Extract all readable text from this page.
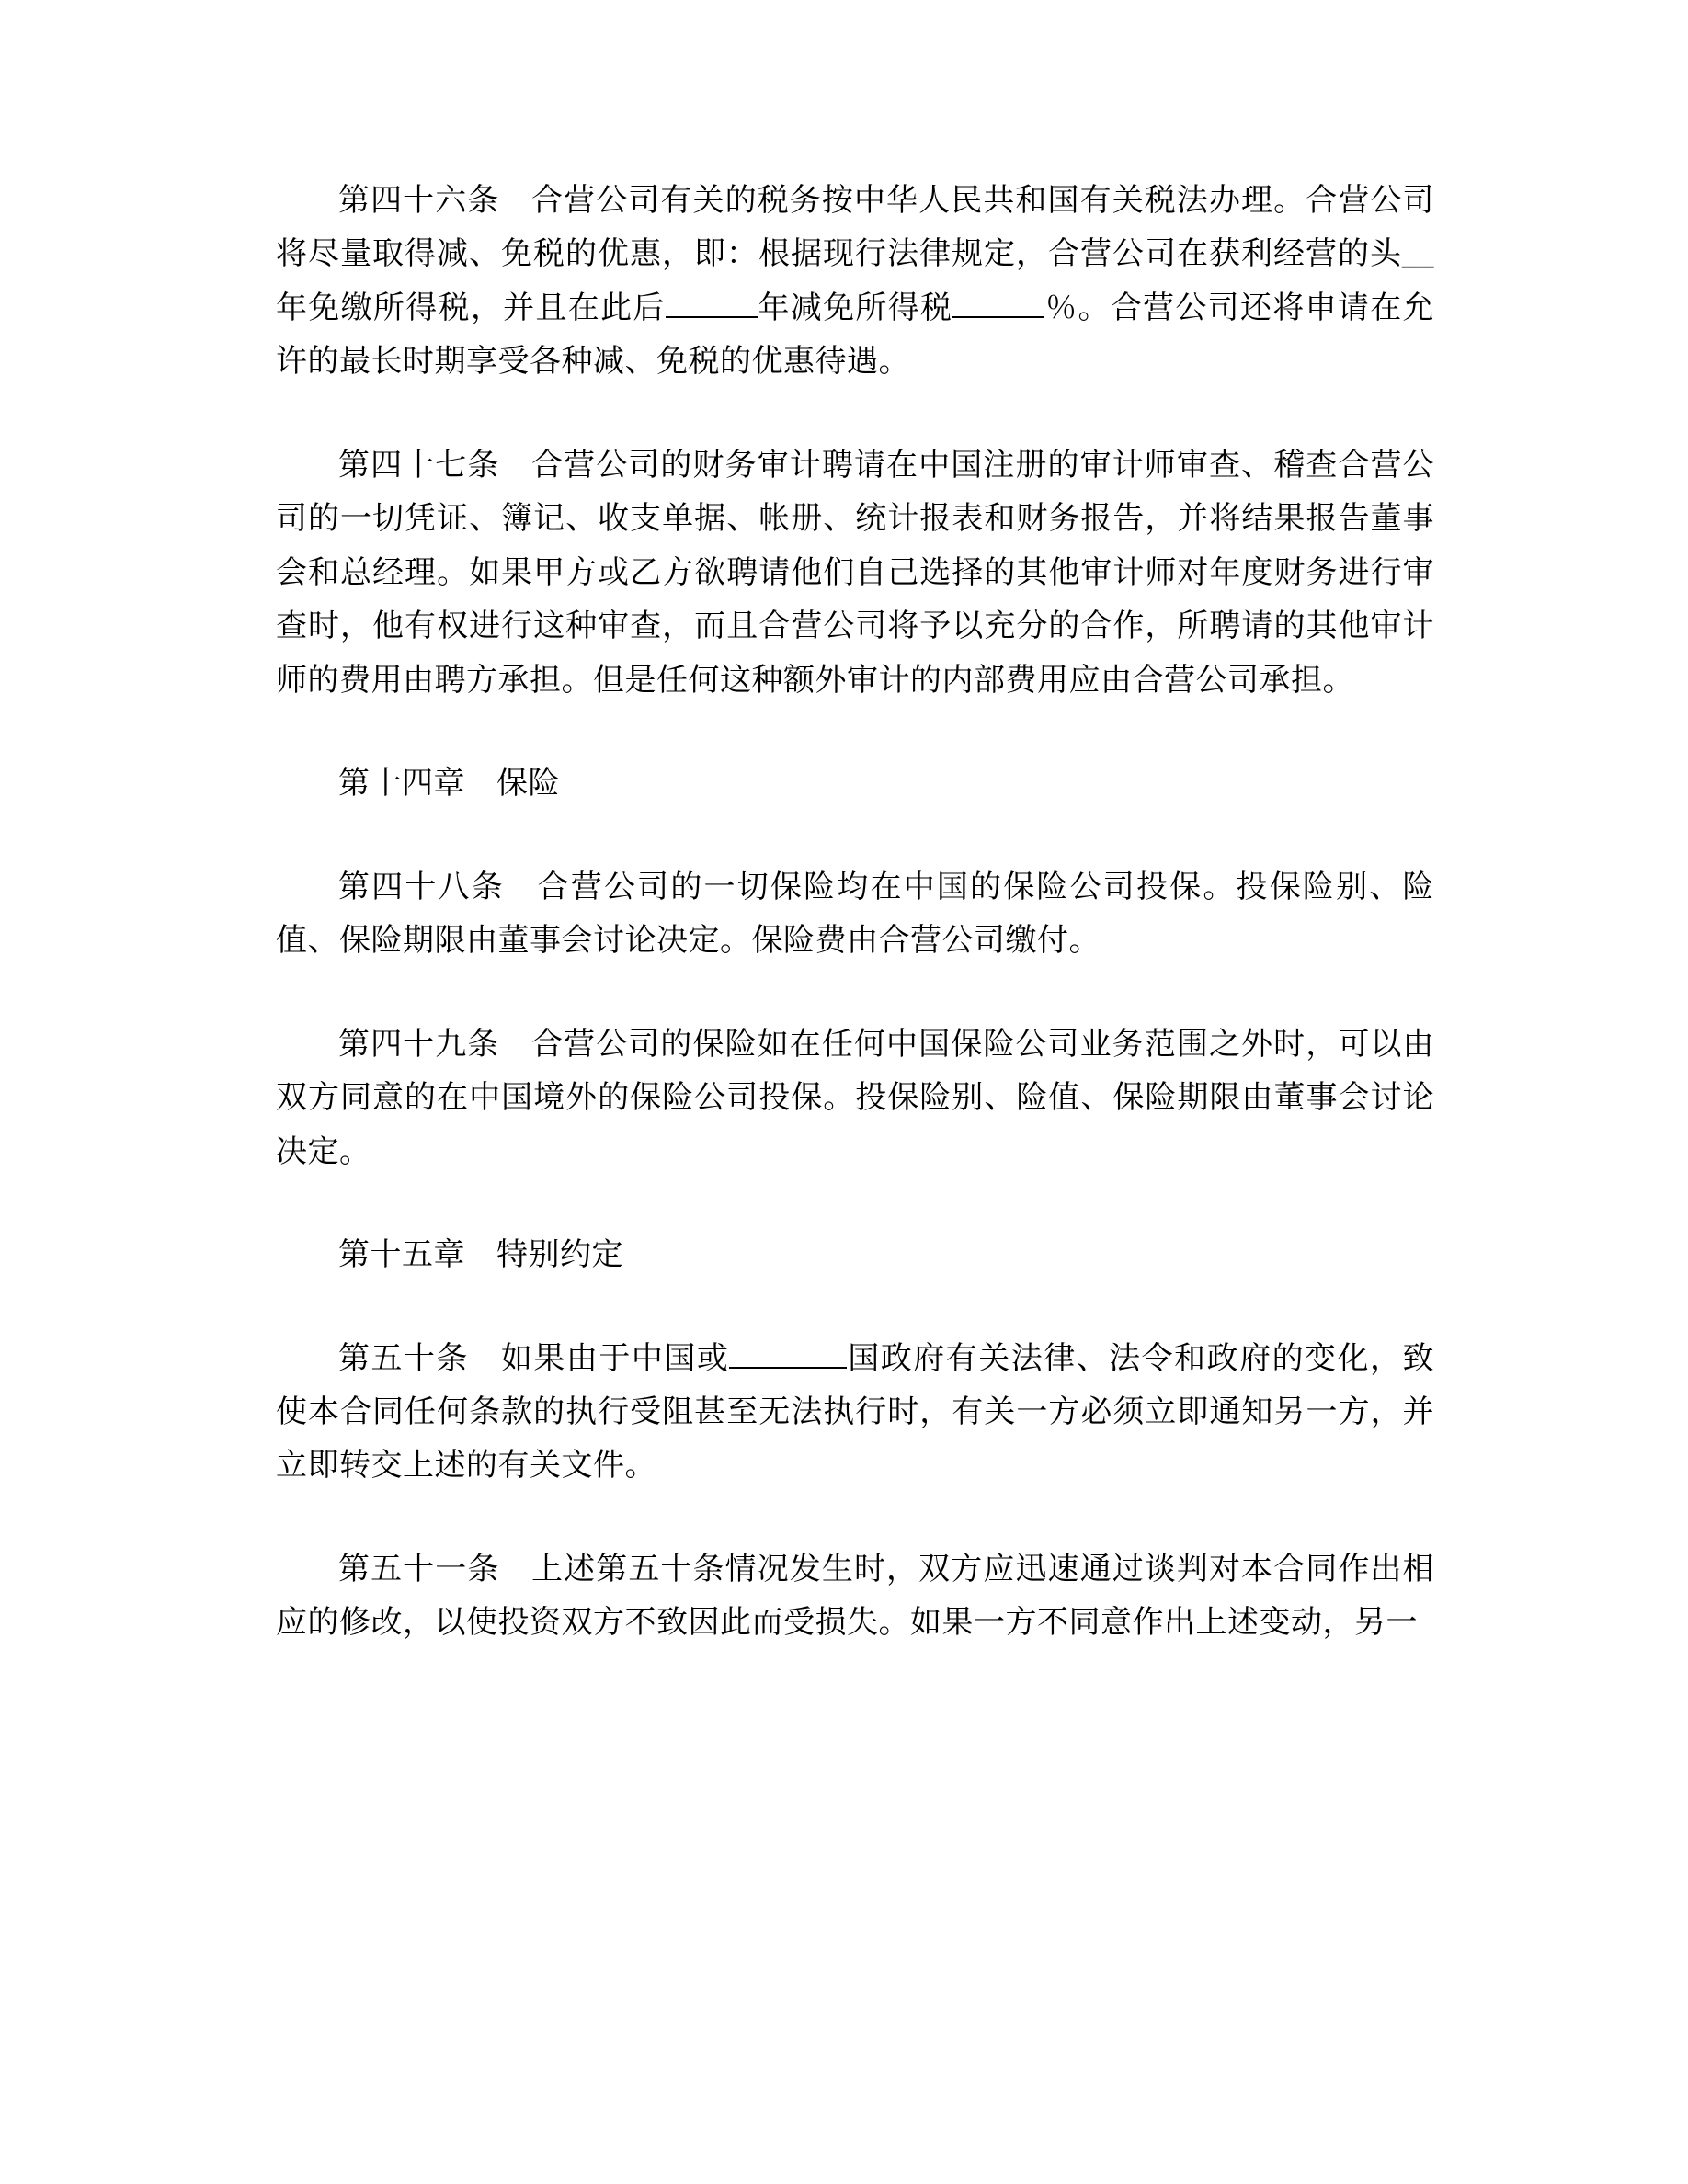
第四十六条 合营公司有关的税务按中华人民共和国有关税法办理。合营公司将尽量取得减、免税的优惠，即：根据现行法律规定，合营公司在获利经营的头__年免缴所得税，并且在此后	年减免所得税	％。合营公司还将申请在允许的最长时期享受各种减、免税的优惠待遇。

第四十七条 合营公司的财务审计聘请在中国注册的审计师审查、稽查合营公司的一切凭证、簿记、收支单据、帐册、统计报表和财务报告，并将结果报告董事会和总经理。如果甲方或乙方欲聘请他们自己选择的其他审计师对年度财务进行审查时，他有权进行这种审查，而且合营公司将予以充分的合作，所聘请的其他审计师的费用由聘方承担。但是任何这种额外审计的内部费用应由合营公司承担。

第十四章 保险

第四十八条 合营公司的一切保险均在中国的保险公司投保。投保险别、险值、保险期限由董事会讨论决定。保险费由合营公司缴付。

第四十九条 合营公司的保险如在任何中国保险公司业务范围之外时，可以由双方同意的在中国境外的保险公司投保。投保险别、险值、保险期限由董事会讨论决定。

第十五章 特别约定

第五十条 如果由于中国或	国政府有关法律、法令和政府的变化，致使本合同任何条款的执行受阻甚至无法执行时，有关一方必须立即通知另一方，并立即转交上述的有关文件。

第五十一条 上述第五十条情况发生时，双方应迅速通过谈判对本合同作出相应的修改，以使投资双方不致因此而受损失。如果一方不同意作出上述变动，另一
